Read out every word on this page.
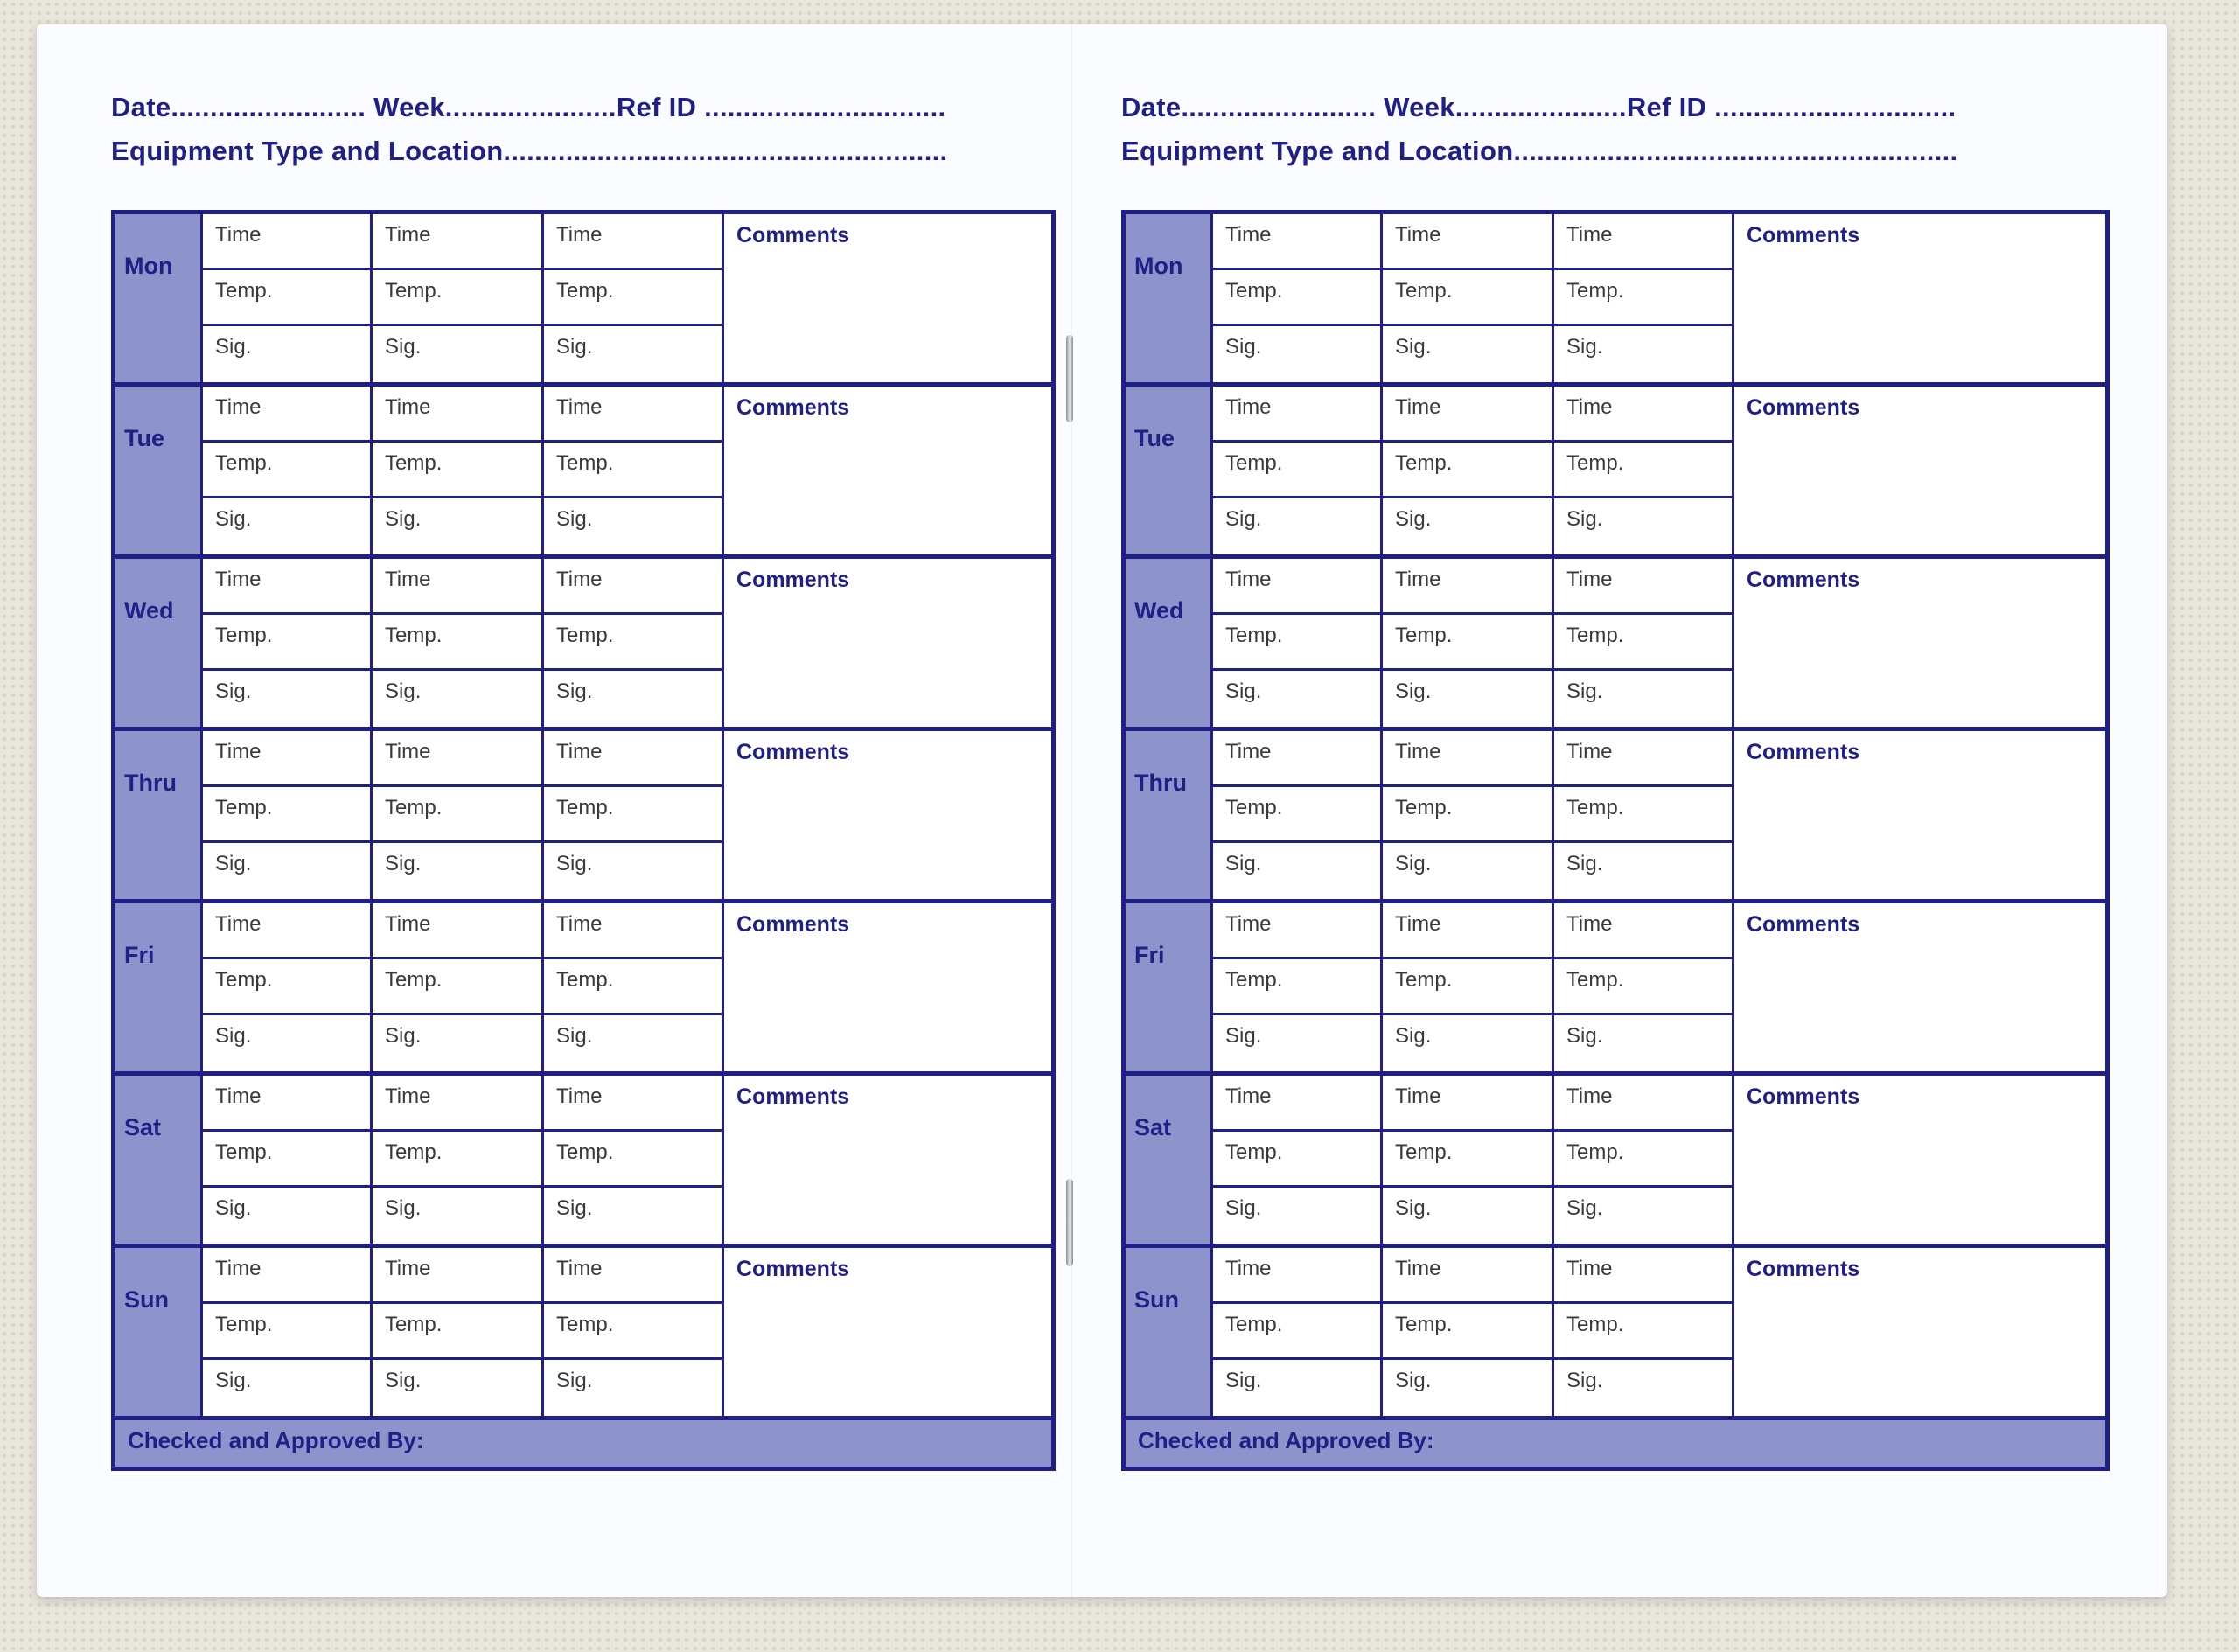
Date......................... Week......................Ref ID ...............................
Equipment Type and Location.........................................................
Mon
Time	Time	Time
Temp.	Temp.	Temp.
Sig.	Sig.	Sig.
Comments
Tue
Time	Time	Time
Temp.	Temp.	Temp.
Sig.	Sig.	Sig.
Comments
Wed
Time	Time	Time
Temp.	Temp.	Temp.
Sig.	Sig.	Sig.
Comments
Thru
Time	Time	Time
Temp.	Temp.	Temp.
Sig.	Sig.	Sig.
Comments
Fri
Time	Time	Time
Temp.	Temp.	Temp.
Sig.	Sig.	Sig.
Comments
Sat
Time	Time	Time
Temp.	Temp.	Temp.
Sig.	Sig.	Sig.
Comments
Sun
Time	Time	Time
Temp.	Temp.	Temp.
Sig.	Sig.	Sig.
Comments
Checked and Approved By:
Date......................... Week......................Ref ID ...............................
Equipment Type and Location.........................................................
Mon
Time	Time	Time
Temp.	Temp.	Temp.
Sig.	Sig.	Sig.
Comments
Tue
Time	Time	Time
Temp.	Temp.	Temp.
Sig.	Sig.	Sig.
Comments
Wed
Time	Time	Time
Temp.	Temp.	Temp.
Sig.	Sig.	Sig.
Comments
Thru
Time	Time	Time
Temp.	Temp.	Temp.
Sig.	Sig.	Sig.
Comments
Fri
Time	Time	Time
Temp.	Temp.	Temp.
Sig.	Sig.	Sig.
Comments
Sat
Time	Time	Time
Temp.	Temp.	Temp.
Sig.	Sig.	Sig.
Comments
Sun
Time	Time	Time
Temp.	Temp.	Temp.
Sig.	Sig.	Sig.
Comments
Checked and Approved By:
